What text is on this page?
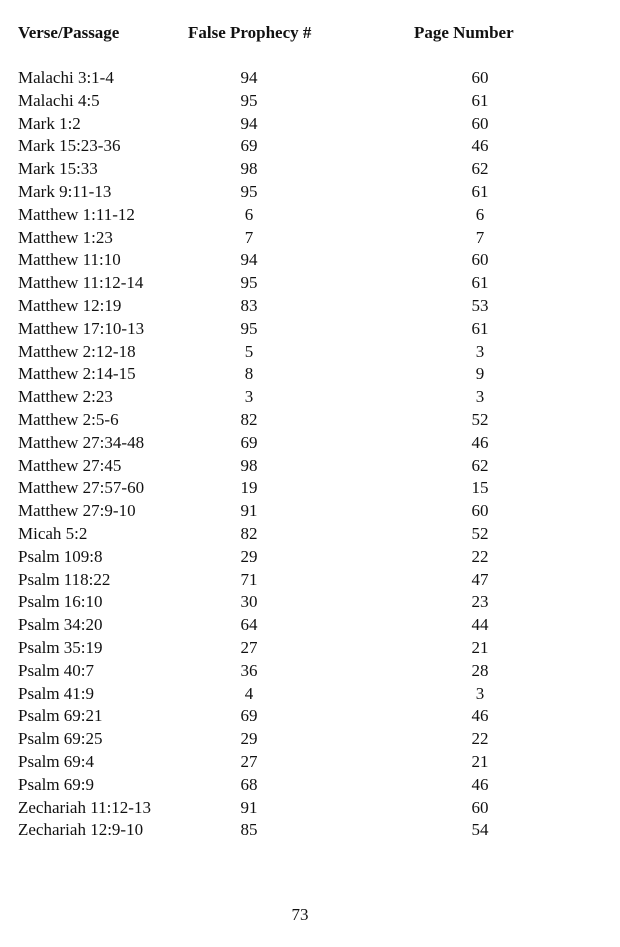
Verse/Passage	False Prophecy #	Page Number
Malachi 3:1-4	94	60
Malachi 4:5	95	61
Mark 1:2	94	60
Mark 15:23-36	69	46
Mark 15:33	98	62
Mark 9:11-13	95	61
Matthew 1:11-12	6	6
Matthew 1:23	7	7
Matthew 11:10	94	60
Matthew 11:12-14	95	61
Matthew 12:19	83	53
Matthew 17:10-13	95	61
Matthew 2:12-18	5	3
Matthew 2:14-15	8	9
Matthew 2:23	3	3
Matthew 2:5-6	82	52
Matthew 27:34-48	69	46
Matthew 27:45	98	62
Matthew 27:57-60	19	15
Matthew 27:9-10	91	60
Micah 5:2	82	52
Psalm 109:8	29	22
Psalm 118:22	71	47
Psalm 16:10	30	23
Psalm 34:20	64	44
Psalm 35:19	27	21
Psalm 40:7	36	28
Psalm 41:9	4	3
Psalm 69:21	69	46
Psalm 69:25	29	22
Psalm 69:4	27	21
Psalm 69:9	68	46
Zechariah 11:12-13	91	60
Zechariah 12:9-10	85	54
73
